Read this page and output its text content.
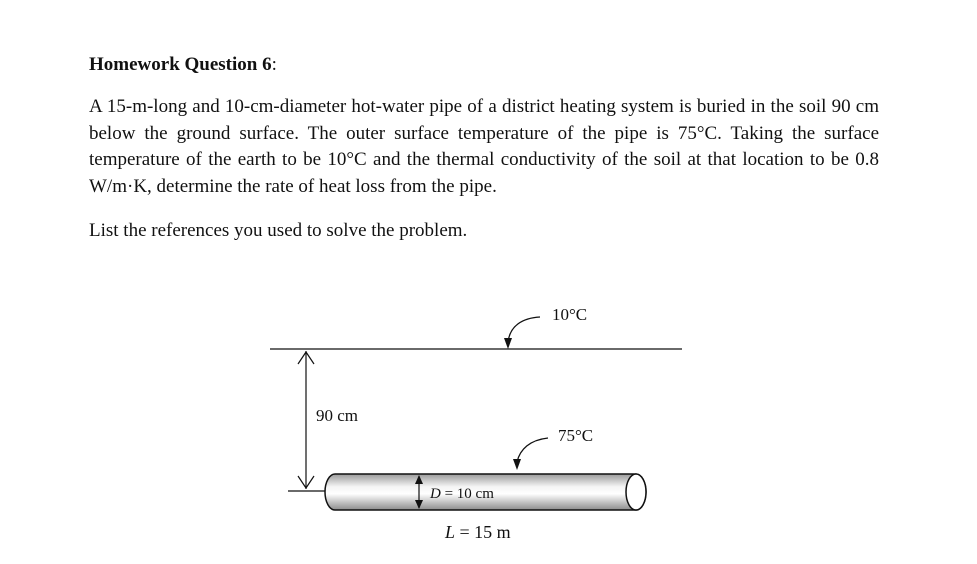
Homework Question 6:

A 15-m-long and 10-cm-diameter hot-water pipe of a district heating system is buried in the soil 90 cm below the ground surface. The outer surface temperature of the pipe is 75°C. Taking the surface temperature of the earth to be 10°C and the thermal conductivity of the soil at that location to be 0.8 W/m·K, determine the rate of heat loss from the pipe.

List the references you used to solve the problem.

10°C
90 cm
75°C
D = 10 cm
L = 15 m
